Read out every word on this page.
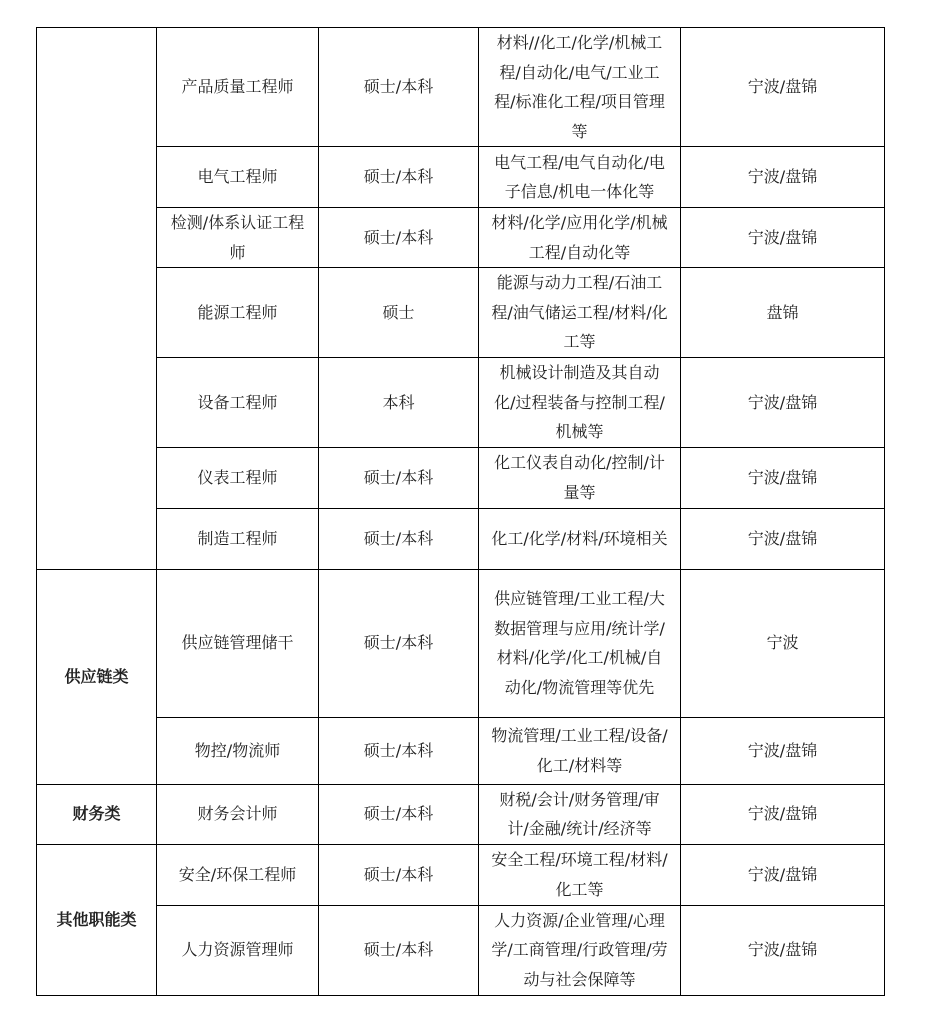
	产品质量工程师	硕士/本科	材料//化工/化学/机械工程/自动化/电气/工业工程/标准化工程/项目管理等	宁波/盘锦
	电气工程师	硕士/本科	电气工程/电气自动化/电子信息/机电一体化等	宁波/盘锦
	检测/体系认证工程师	硕士/本科	材料/化学/应用化学/机械工程/自动化等	宁波/盘锦
	能源工程师	硕士	能源与动力工程/石油工程/油气储运工程/材料/化工等	盘锦
	设备工程师	本科	机械设计制造及其自动化/过程装备与控制工程/机械等	宁波/盘锦
	仪表工程师	硕士/本科	化工仪表自动化/控制/计量等	宁波/盘锦
	制造工程师	硕士/本科	化工/化学/材料/环境相关	宁波/盘锦
供应链类	供应链管理储干	硕士/本科	供应链管理/工业工程/大数据管理与应用/统计学/材料/化学/化工/机械/自动化/物流管理等优先	宁波
	物控/物流师	硕士/本科	物流管理/工业工程/设备/化工/材料等	宁波/盘锦
财务类	财务会计师	硕士/本科	财税/会计/财务管理/审计/金融/统计/经济等	宁波/盘锦
其他职能类	安全/环保工程师	硕士/本科	安全工程/环境工程/材料/化工等	宁波/盘锦
	人力资源管理师	硕士/本科	人力资源/企业管理/心理学/工商管理/行政管理/劳动与社会保障等	宁波/盘锦
